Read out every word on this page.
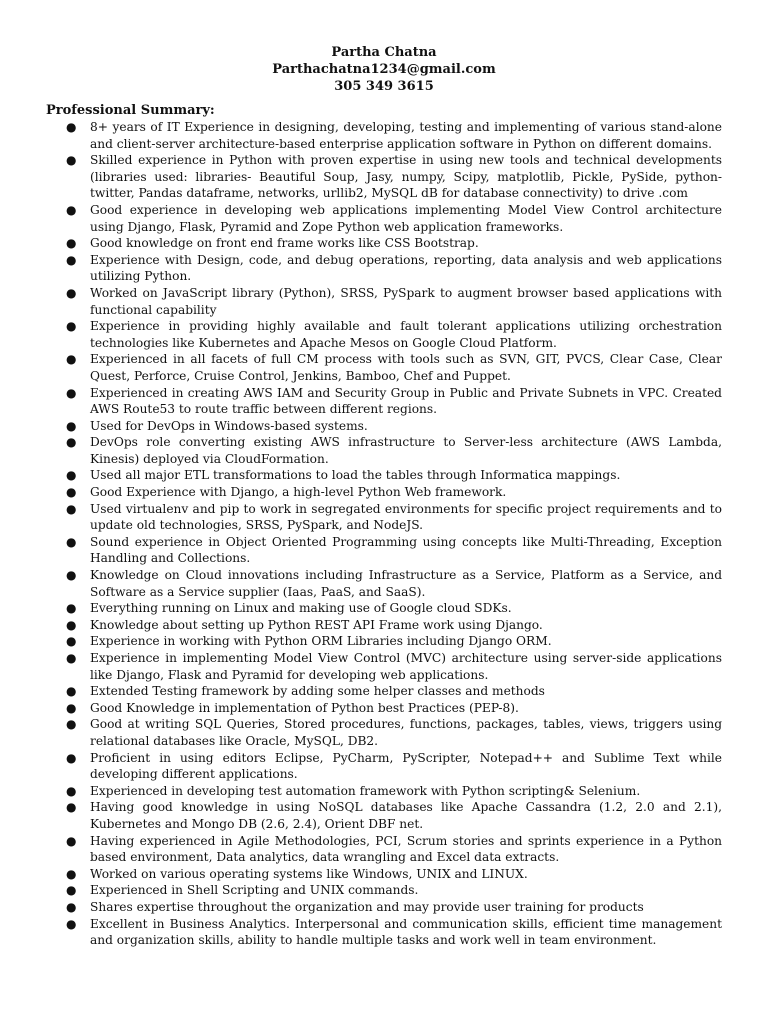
Partha Chatna
Parthachatna1234@gmail.com
305 349 3615
Professional Summary:
● 8+ years of IT Experience in designing, developing, testing and implementing of various stand-alone and client-server architecture-based enterprise application software in Python on different domains.
● Skilled experience in Python with proven expertise in using new tools and technical developments (libraries used: libraries- Beautiful Soup, Jasy, numpy, Scipy, matplotlib, Pickle, PySide, python-twitter, Pandas dataframe, networks, urllib2, MySQL dB for database connectivity) to drive .com
● Good experience in developing web applications implementing Model View Control architecture using Django, Flask, Pyramid and Zope Python web application frameworks.
● Good knowledge on front end frame works like CSS Bootstrap.
● Experience with Design, code, and debug operations, reporting, data analysis and web applications utilizing Python.
● Worked on JavaScript library (Python), SRSS, PySpark to augment browser based applications with functional capability
● Experience in providing highly available and fault tolerant applications utilizing orchestration technologies like Kubernetes and Apache Mesos on Google Cloud Platform.
● Experienced in all facets of full CM process with tools such as SVN, GIT, PVCS, Clear Case, Clear Quest, Perforce, Cruise Control, Jenkins, Bamboo, Chef and Puppet.
● Experienced in creating AWS IAM and Security Group in Public and Private Subnets in VPC. Created AWS Route53 to route traffic between different regions.
● Used for DevOps in Windows-based systems.
● DevOps role converting existing AWS infrastructure to Server-less architecture (AWS Lambda, Kinesis) deployed via CloudFormation.
● Used all major ETL transformations to load the tables through Informatica mappings.
● Good Experience with Django, a high-level Python Web framework.
● Used virtualenv and pip to work in segregated environments for specific project requirements and to update old technologies, SRSS, PySpark, and NodeJS.
● Sound experience in Object Oriented Programming using concepts like Multi-Threading, Exception Handling and Collections.
● Knowledge on Cloud innovations including Infrastructure as a Service, Platform as a Service, and Software as a Service supplier (Iaas, PaaS, and SaaS).
● Everything running on Linux and making use of Google cloud SDKs.
● Knowledge about setting up Python REST API Frame work using Django.
● Experience in working with Python ORM Libraries including Django ORM.
● Experience in implementing Model View Control (MVC) architecture using server-side applications like Django, Flask and Pyramid for developing web applications.
● Extended Testing framework by adding some helper classes and methods
● Good Knowledge in implementation of Python best Practices (PEP-8).
● Good at writing SQL Queries, Stored procedures, functions, packages, tables, views, triggers using relational databases like Oracle, MySQL, DB2.
● Proficient in using editors Eclipse, PyCharm, PyScripter, Notepad++ and Sublime Text while developing different applications.
● Experienced in developing test automation framework with Python scripting& Selenium.
● Having good knowledge in using NoSQL databases like Apache Cassandra (1.2, 2.0 and 2.1), Kubernetes and Mongo DB (2.6, 2.4), Orient DBF net.
● Having experienced in Agile Methodologies, PCI, Scrum stories and sprints experience in a Python based environment, Data analytics, data wrangling and Excel data extracts.
● Worked on various operating systems like Windows, UNIX and LINUX.
● Experienced in Shell Scripting and UNIX commands.
● Shares expertise throughout the organization and may provide user training for products
● Excellent in Business Analytics. Interpersonal and communication skills, efficient time management and organization skills, ability to handle multiple tasks and work well in team environment.
